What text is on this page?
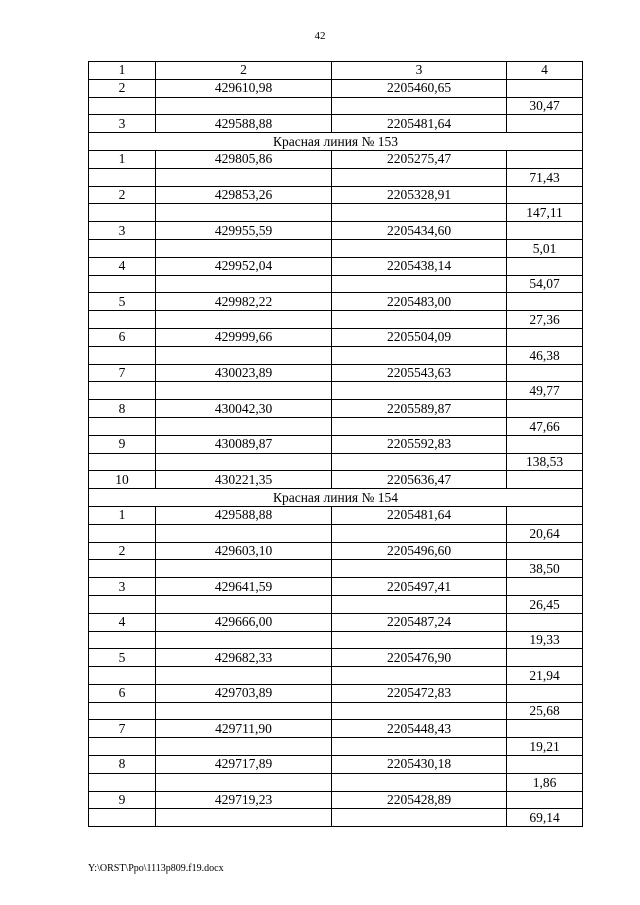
42
1	2	3	4
2	429610,98	2205460,65	
			30,47
3	429588,88	2205481,64	
Красная линия № 153			
1	429805,86	2205275,47	
			71,43
2	429853,26	2205328,91	
			147,11
3	429955,59	2205434,60	
			5,01
4	429952,04	2205438,14	
			54,07
5	429982,22	2205483,00	
			27,36
6	429999,66	2205504,09	
			46,38
7	430023,89	2205543,63	
			49,77
8	430042,30	2205589,87	
			47,66
9	430089,87	2205592,83	
			138,53
10	430221,35	2205636,47	
Красная линия № 154			
1	429588,88	2205481,64	
			20,64
2	429603,10	2205496,60	
			38,50
3	429641,59	2205497,41	
			26,45
4	429666,00	2205487,24	
			19,33
5	429682,33	2205476,90	
			21,94
6	429703,89	2205472,83	
			25,68
7	429711,90	2205448,43	
			19,21
8	429717,89	2205430,18	
			1,86
9	429719,23	2205428,89	
			69,14
Y:\ORST\Ppo\1113p809.f19.docx
